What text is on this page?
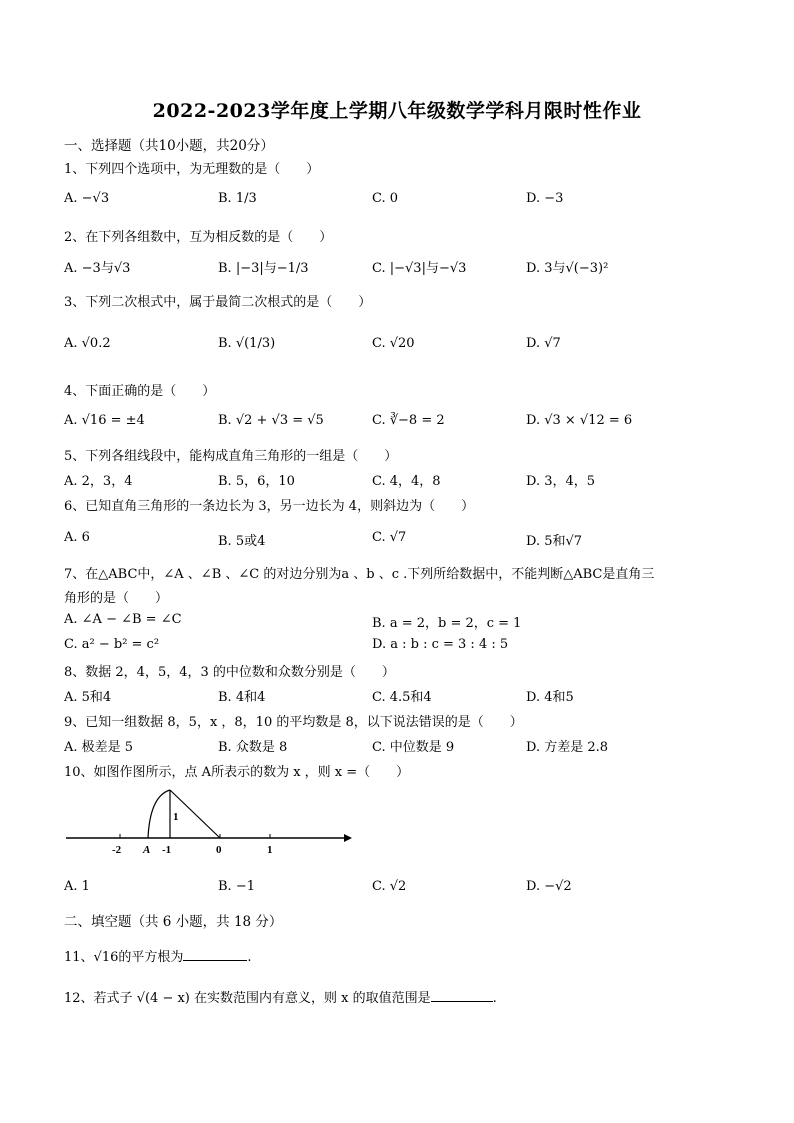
2022-2023学年度上学期八年级数学学科月限时性作业
一、选择题（共10小题，共20分）
1、下列四个选项中，为无理数的是（　　）
A. −√3	B. 1/3	C. 0	D. −3
2、在下列各组数中，互为相反数的是（　　）
A. −3与√3	B. |−3|与−1/3	C. |−√3|与−√3	D. 3与√(−3)²
3、下列二次根式中，属于最简二次根式的是（　　）
A. √0.2	B. √(1/3)	C. √20	D. √7
4、下面正确的是（　　）
A. √16 = ±4	B. √2 + √3 = √5	C. ∛−8 = 2	D. √3 × √12 = 6
5、下列各组线段中，能构成直角三角形的一组是（　　）
A. 2，3，4	B. 5，6，10	C. 4，4，8	D. 3，4，5
6、已知直角三角形的一条边长为 3，另一边长为 4，则斜边为（　　）
A. 6	B. 5或4	C. √7	D. 5和√7
7、在△ABC中，∠A 、∠B 、∠C 的对边分别为a 、b 、c .下列所给数据中，不能判断△ABC是直角三
角形的是（　　）
A. ∠A − ∠B = ∠C	B. a = 2，b = 2，c = 1
C. a² − b² = c²	D. a : b : c = 3 : 4 : 5
8、数据 2，4，5，4，3 的中位数和众数分别是（　　）
A. 5和4	B. 4和4	C. 4.5和4	D. 4和5
9、已知一组数据 8，5，x ，8，10 的平均数是 8，以下说法错误的是（　　）
A. 极差是 5	B. 众数是 8	C. 中位数是 9	D. 方差是 2.8
10、如图作图所示，点 A所表示的数为 x ，则 x =（　　）
-2 A -1	0	1
1
A. 1	B. −1	C. √2	D. −√2
二、填空题（共 6 小题，共 18 分）
11、√16的平方根为	.
12、若式子 √(4 − x) 在实数范围内有意义，则 x 的取值范围是	.
